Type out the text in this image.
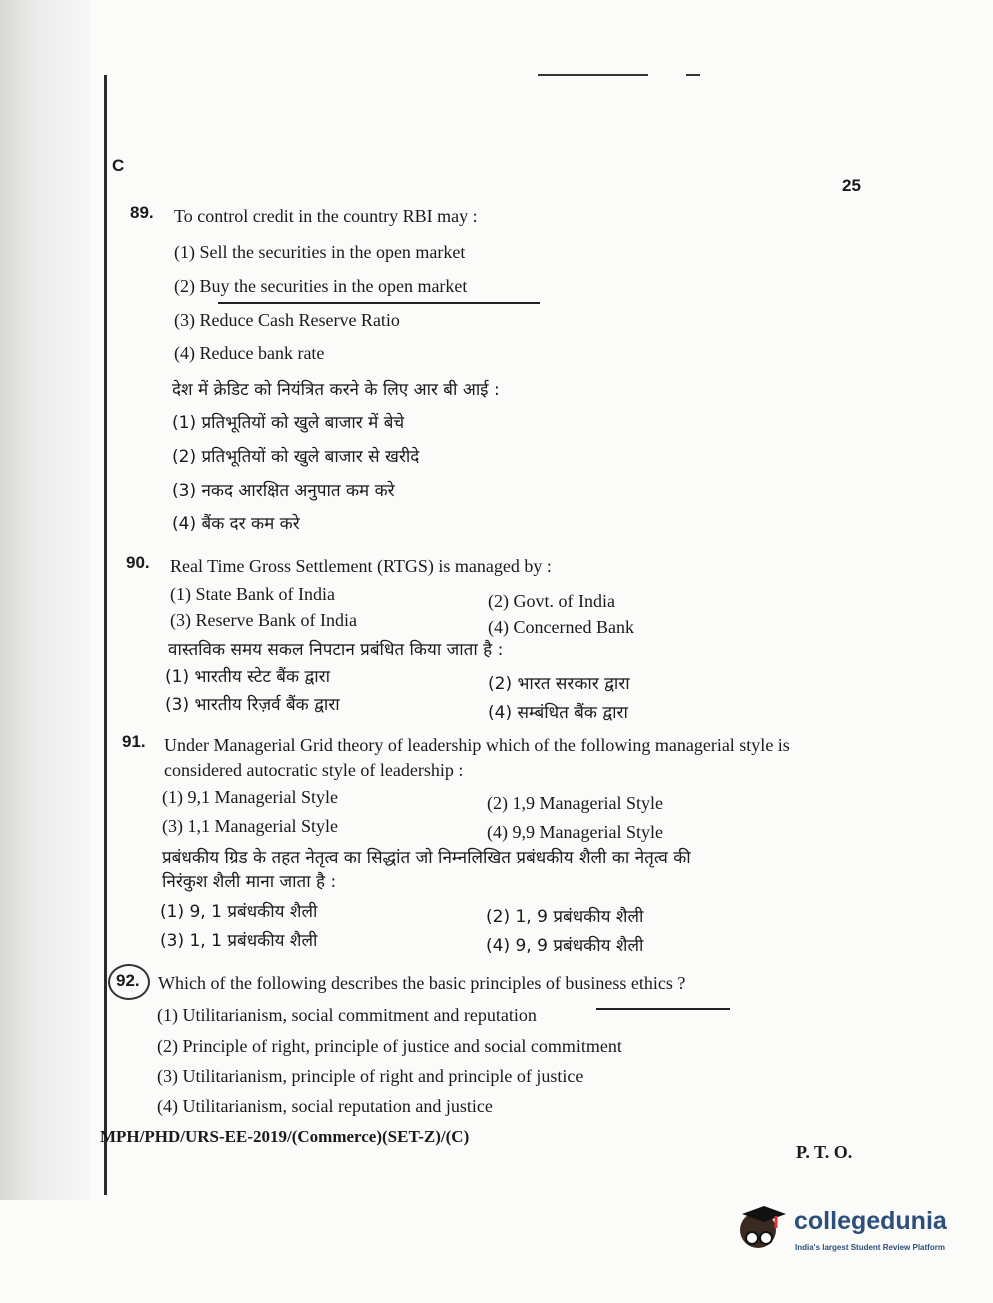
C
25
89. To control credit in the country RBI may :
(1) Sell the securities in the open market
(2) Buy the securities in the open market
(3) Reduce Cash Reserve Ratio
(4) Reduce bank rate
देश में क्रेडिट को नियंत्रित करने के लिए आर बी आई :
(1) प्रतिभूतियों को खुले बाजार में बेचे
(2) प्रतिभूतियों को खुले बाजार से खरीदे
(3) नकद आरक्षित अनुपात कम करे
(4) बैंक दर कम करे
90. Real Time Gross Settlement (RTGS) is managed by :
(1) State Bank of India	(2) Govt. of India
(3) Reserve Bank of India	(4) Concerned Bank
वास्तविक समय सकल निपटान प्रबंधित किया जाता है :
(1) भारतीय स्टेट बैंक द्वारा	(2) भारत सरकार द्वारा
(3) भारतीय रिज़र्व बैंक द्वारा	(4) सम्बंधित बैंक द्वारा
91. Under Managerial Grid theory of leadership which of the following managerial style is
considered autocratic style of leadership :
(1) 9,1 Managerial Style	(2) 1,9 Managerial Style
(3) 1,1 Managerial Style	(4) 9,9 Managerial Style
प्रबंधकीय ग्रिड के तहत नेतृत्व का सिद्धांत जो निम्नलिखित प्रबंधकीय शैली का नेतृत्व की
निरंकुश शैली माना जाता है :
(1) 9, 1 प्रबंधकीय शैली	(2) 1, 9 प्रबंधकीय शैली
(3) 1, 1 प्रबंधकीय शैली	(4) 9, 9 प्रबंधकीय शैली
92. Which of the following describes the basic principles of business ethics ?
(1) Utilitarianism, social commitment and reputation
(2) Principle of right, principle of justice and social commitment
(3) Utilitarianism, principle of right and principle of justice
(4) Utilitarianism, social reputation and justice
MPH/PHD/URS-EE-2019/(Commerce)(SET-Z)/(C)
P. T. O.
collegedunia
India's largest Student Review Platform
